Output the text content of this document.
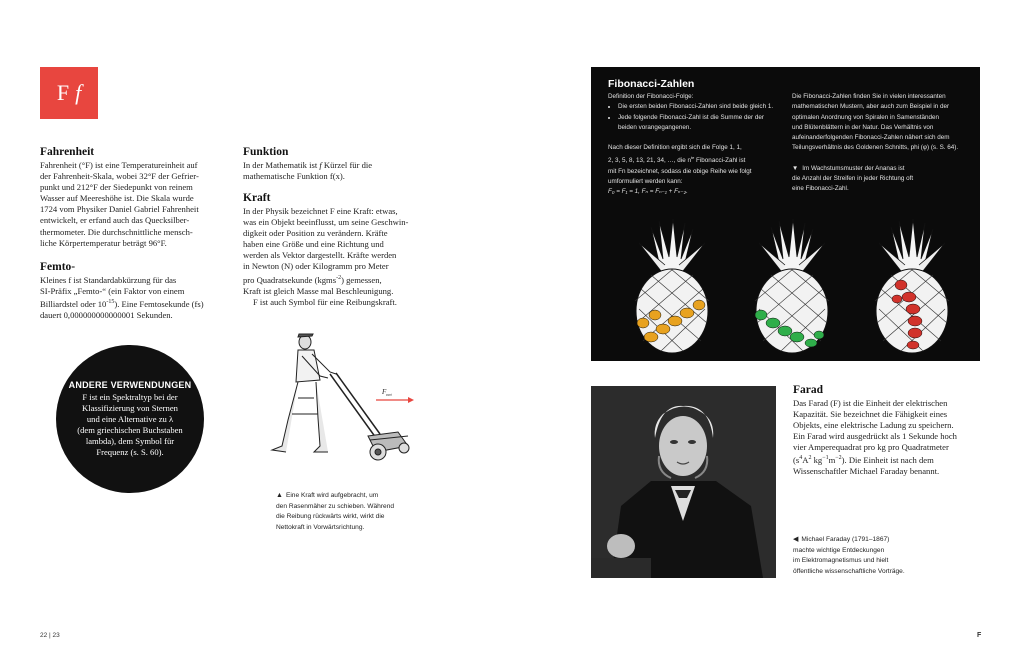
F f
Fahrenheit

Fahrenheit (°F) ist eine Temperatureinheit auf
der Fahrenheit-Skala, wobei 32°F der Gefrier-
punkt und 212°F der Siedepunkt von reinem
Wasser auf Meereshöhe ist. Die Skala wurde
1724 vom Physiker Daniel Gabriel Fahrenheit
entwickelt, er erfand auch das Quecksilber-
thermometer. Die durchschnittliche mensch-
liche Körpertemperatur beträgt 96°F.

Femto-

Kleines f ist Standardabkürzung für das
SI-Präfix „Femto-“ (ein Faktor von einem
Billiardstel oder $10^{-15}$). Eine Femtosekunde (fs)
dauert 0,000000000000001 Sekunden.

ANDERE VERWENDUNGEN
F ist ein Spektraltyp bei der
Klassifizierung von Sternen
und eine Alternative zu λ
(dem griechischen Buchstaben
lambda), dem Symbol für
Frequenz (s. S. 60).
Funktion

In der Mathematik ist f Kürzel für die
mathematische Funktion f(x).

Kraft

In der Physik bezeichnet F eine Kraft: etwas,
was ein Objekt beeinflusst, um seine Geschwin-
digkeit oder Position zu verändern. Kräfte
haben eine Größe und eine Richtung und
werden als Vektor dargestellt. Kräfte werden
in Newton (N) oder Kilogramm pro Meter
pro Quadratsekunde (kgms$^{-2}$) gemessen,
Kraft ist gleich Masse mal Beschleunigung.
F ist auch Symbol für eine Reibungskraft.

$F_{net}$
▲ Eine Kraft wird aufgebracht, um
den Rasenmäher zu schieben. Während
die Reibung rückwärts wirkt, wirkt die
Nettokraft in Vorwärtsrichtung.
Fibonacci-Zahlen
Definition der Fibonacci-Folge:
• Die ersten beiden Fibonacci-Zahlen sind beide gleich 1.
• Jede folgende Fibonacci-Zahl ist die Summe der der
beiden vorangegangenen.
Nach dieser Definition ergibt sich die Folge 1, 1,
2, 3, 5, 8, 13, 21, 34, …, die $n^{te}$ Fibonacci-Zahl ist
mit Fn bezeichnet, sodass die obige Reihe wie folgt
umformuliert werden kann:
F₀ = F₁ = 1, Fₙ = Fₙ₋₁ + Fₙ₋₂.
Die Fibonacci-Zahlen finden Sie in vielen interessanten
mathematischen Mustern, aber auch zum Beispiel in der
optimalen Anordnung von Spiralen in Samenständen
und Blütenblättern in der Natur. Das Verhältnis von
aufeinanderfolgenden Fibonacci-Zahlen nähert sich dem
Teilungsverhältnis des Goldenen Schnitts, phi (φ) (s. S. 64).
▼ Im Wachstumsmuster der Ananas ist
die Anzahl der Streifen in jeder Richtung oft
eine Fibonacci-Zahl.
Farad

Das Farad (F) ist die Einheit der elektrischen
Kapazität. Sie bezeichnet die Fähigkeit eines
Objekts, eine elektrische Ladung zu speichern.
Ein Farad wird ausgedrückt als 1 Sekunde hoch
vier Amperequadrat pro kg pro Quadratmeter
($s^4A^2$ $kg^{-1}m^{-2}$). Die Einheit ist nach dem
Wissenschaftler Michael Faraday benannt.

◀ Michael Faraday (1791–1867)
machte wichtige Entdeckungen
im Elektromagnetismus und hielt
öffentliche wissenschaftliche Vorträge.
22 | 23	F
